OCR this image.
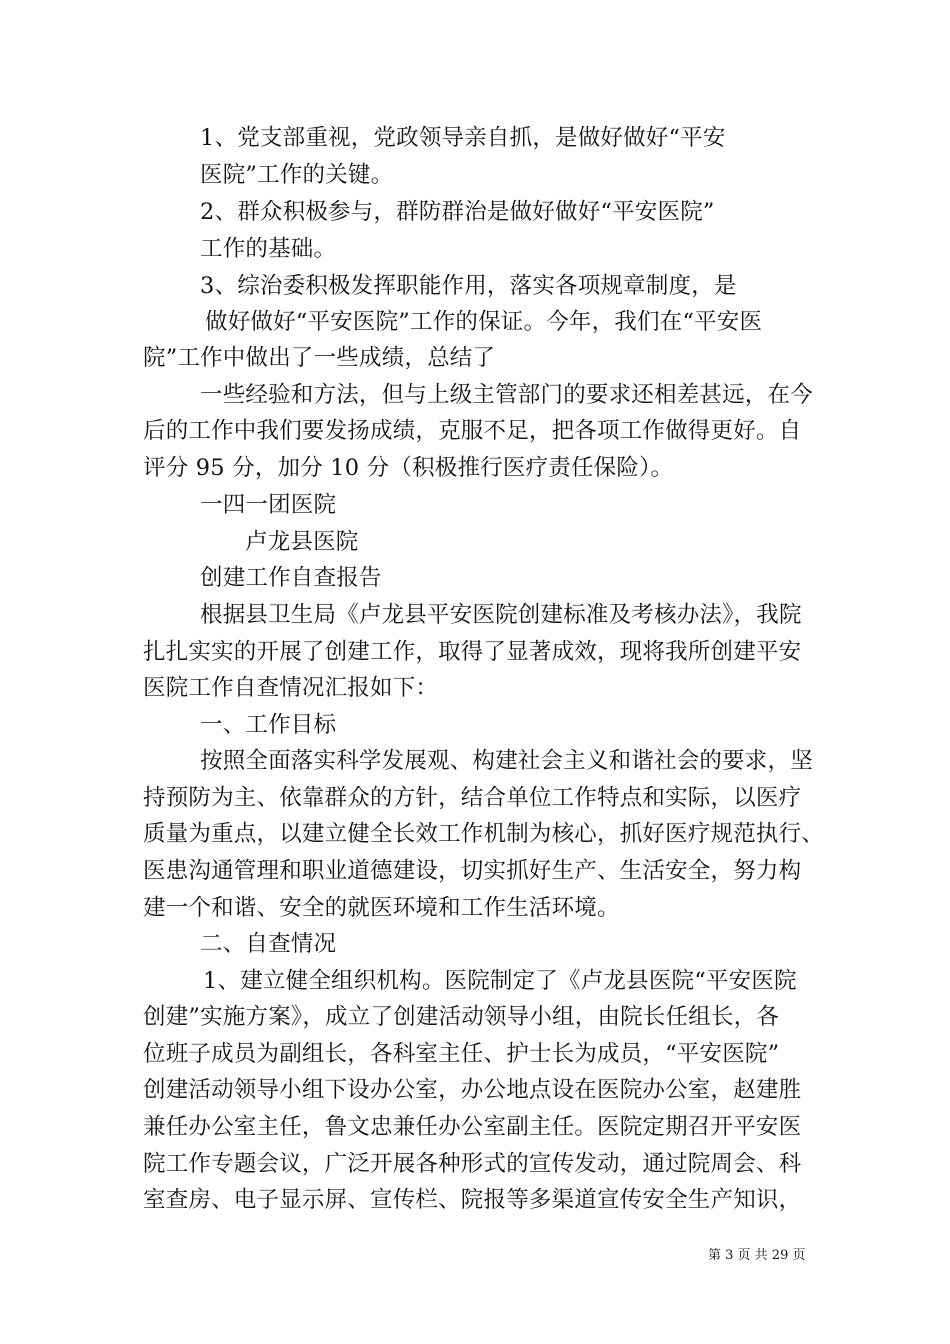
1、党支部重视，党政领导亲自抓，是做好做好“平安
医院”工作的关键。
2、群众积极参与，群防群治是做好做好“平安医院”
工作的基础。
3、综治委积极发挥职能作用，落实各项规章制度，是
做好做好“平安医院”工作的保证。今年，我们在“平安医
院”工作中做出了一些成绩，总结了
一些经验和方法，但与上级主管部门的要求还相差甚远，在今
后的工作中我们要发扬成绩，克服不足，把各项工作做得更好。自
评分 95 分，加分 10 分（积极推行医疗责任保险）。
一四一团医院
卢龙县医院
创建工作自查报告
根据县卫生局《卢龙县平安医院创建标准及考核办法》，我院
扎扎实实的开展了创建工作，取得了显著成效，现将我所创建平安
医院工作自查情况汇报如下：
一、工作目标
按照全面落实科学发展观、构建社会主义和谐社会的要求，坚
持预防为主、依靠群众的方针，结合单位工作特点和实际，以医疗
质量为重点，以建立健全长效工作机制为核心，抓好医疗规范执行、
医患沟通管理和职业道德建设，切实抓好生产、生活安全，努力构
建一个和谐、安全的就医环境和工作生活环境。
二、自查情况
1、建立健全组织机构。医院制定了《卢龙县医院“平安医院
创建”实施方案》，成立了创建活动领导小组，由院长任组长，各
位班子成员为副组长，各科室主任、护士长为成员，“平安医院”
创建活动领导小组下设办公室，办公地点设在医院办公室，赵建胜
兼任办公室主任，鲁文忠兼任办公室副主任。医院定期召开平安医
院工作专题会议，广泛开展各种形式的宣传发动，通过院周会、科
室查房、电子显示屏、宣传栏、院报等多渠道宣传安全生产知识，
第 3 页 共 29 页
